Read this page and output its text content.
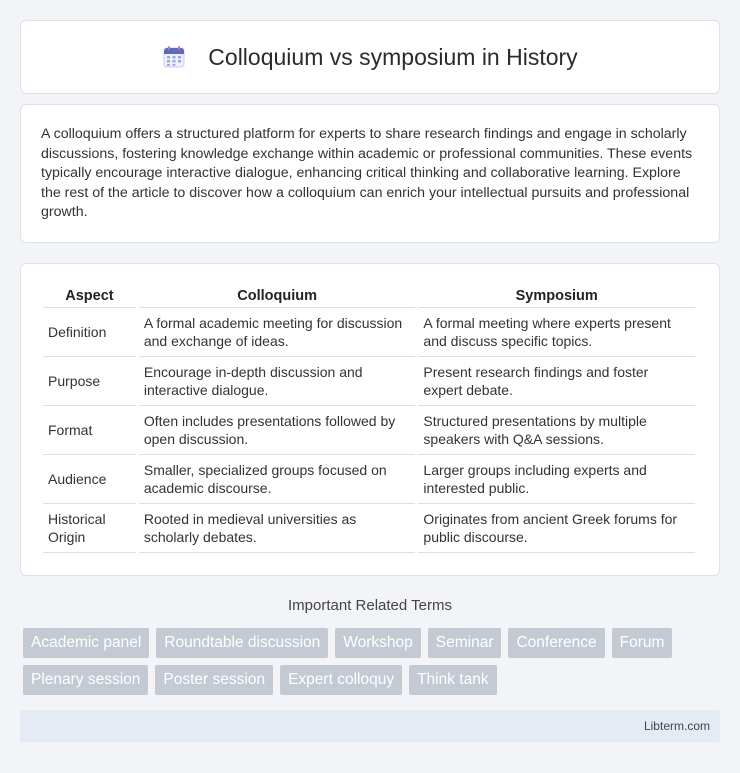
Colloquium vs symposium in History

A colloquium offers a structured platform for experts to share research findings and engage in scholarly discussions, fostering knowledge exchange within academic or professional communities. These events typically encourage interactive dialogue, enhancing critical thinking and collaborative learning. Explore the rest of the article to discover how a colloquium can enrich your intellectual pursuits and professional growth.

Aspect	Colloquium	Symposium
Definition	A formal academic meeting for discussion and exchange of ideas.	A formal meeting where experts present and discuss specific topics.
Purpose	Encourage in-depth discussion and interactive dialogue.	Present research findings and foster expert debate.
Format	Often includes presentations followed by open discussion.	Structured presentations by multiple speakers with Q&A sessions.
Audience	Smaller, specialized groups focused on academic discourse.	Larger groups including experts and interested public.
Historical Origin	Rooted in medieval universities as scholarly debates.	Originates from ancient Greek forums for public discourse.
Important Related Terms
Academic panel	Roundtable discussion	Workshop	Seminar	Conference	Forum
Plenary session	Poster session	Expert colloquy	Think tank
Libterm.com
